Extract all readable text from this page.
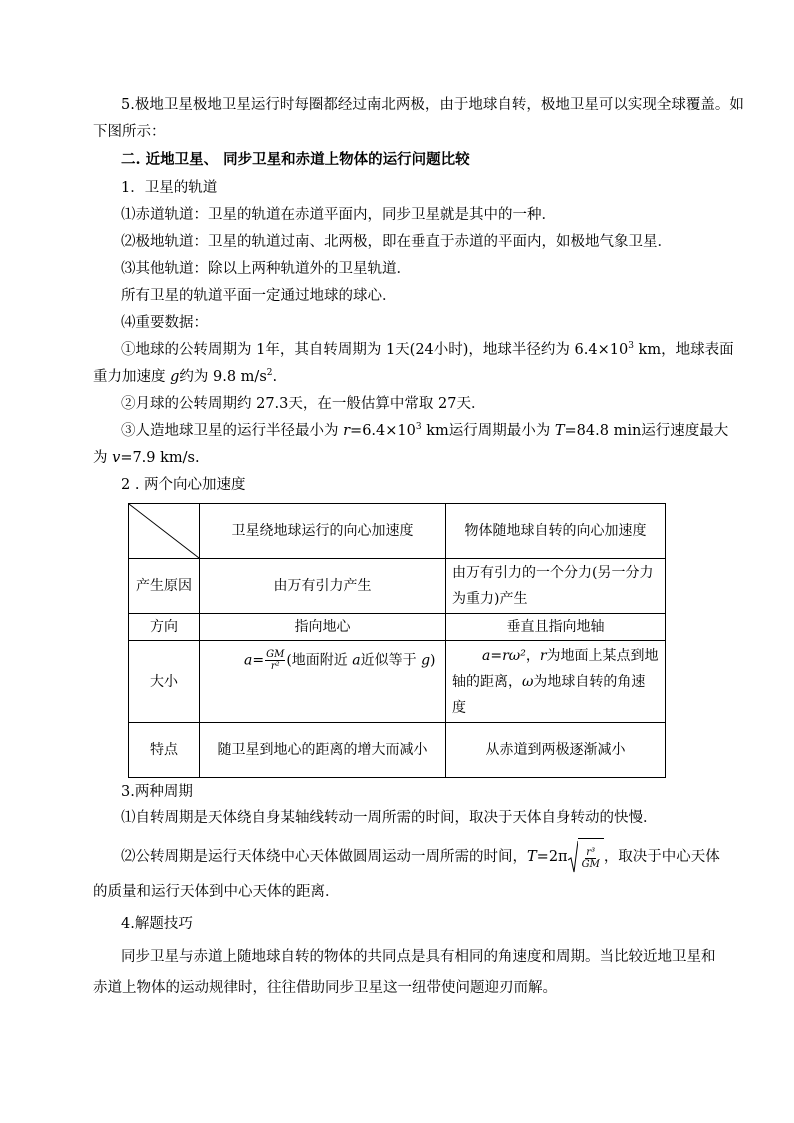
5.极地卫星极地卫星运行时每圈都经过南北两极，由于地球自转，极地卫星可以实现全球覆盖。如
下图所示：
二. 近地卫星、 同步卫星和赤道上物体的运行问题比较
1．卫星的轨道
⑴赤道轨道：卫星的轨道在赤道平面内，同步卫星就是其中的一种．
⑵极地轨道：卫星的轨道过南、北两极，即在垂直于赤道的平面内，如极地气象卫星．
⑶其他轨道：除以上两种轨道外的卫星轨道．
所有卫星的轨道平面一定通过地球的球心．
⑷重要数据：
①地球的公转周期为 1年，其自转周期为 1天(24小时)，地球半径约为 $6.4\times 10^3$ km，地球表面
重力加速度 g约为 9.8 $m/s^2$.
②月球的公转周期约 27.3天，在一般估算中常取 27天．
③人造地球卫星的运行半径最小为 $r=6.4\times 10^3$ km运行周期最小为 T=84.8 min运行速度最大
为 v=7.9 km/s.
2 . 两个向心加速度
	卫星绕地球运行的向心加速度	物体随地球自转的向心加速度
产生原因	由万有引力产生	由万有引力的一个分力(另一分力为重力)产生
方向	指向地心	垂直且指向地轴
大小	$a= \frac{GM}{\text{r²}}$ (地面附近 a近似等于 g)	a=rω²，r为地面上某点到地轴的距离，ω为地球自转的角速度
特点	随卫星到地心的距离的增大而减小	从赤道到两极逐渐减小
3.两种周期
⑴自转周期是天体绕自身某轴线转动一周所需的时间，取决于天体自身转动的快慢．
⑵公转周期是运行天体绕中心天体做圆周运动一周所需的时间，$T=2\pi \frac{\text{r³}}{GM}$ ，取决于中心天体
的质量和运行天体到中心天体的距离．
4.解题技巧
同步卫星与赤道上随地球自转的物体的共同点是具有相同的角速度和周期。当比较近地卫星和
赤道上物体的运动规律时，往往借助同步卫星这一纽带使问题迎刃而解。
